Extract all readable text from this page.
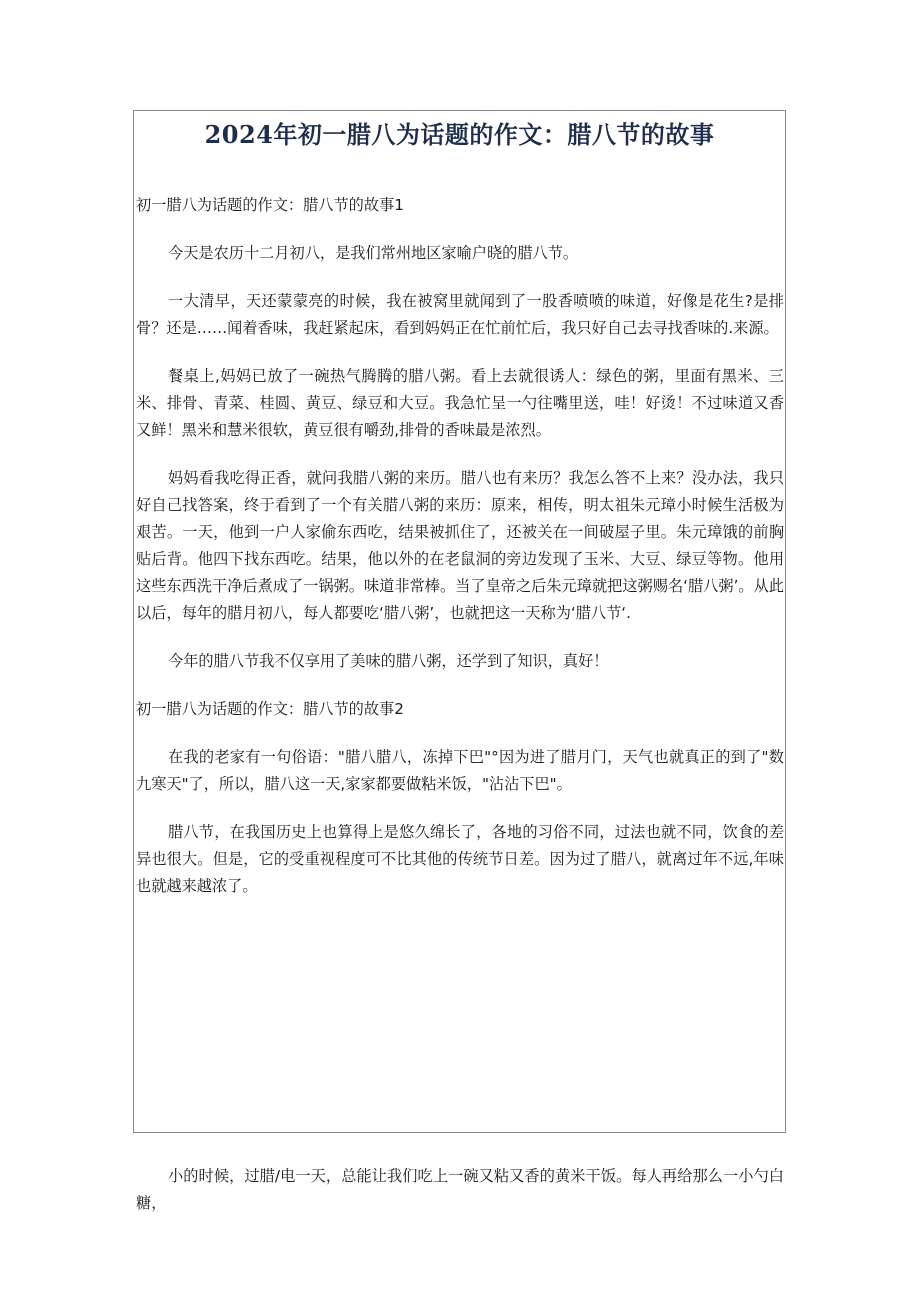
2024年初一腊八为话题的作文：腊八节的故事

初一腊八为话题的作文：腊八节的故事1

今天是农历十二月初八，是我们常州地区家喻户晓的腊八节。

一大清早，天还蒙蒙亮的时候，我在被窝里就闻到了一股香喷喷的味道，好像是花生?是排骨？还是……闻着香味，我赶紧起床，看到妈妈正在忙前忙后，我只好自己去寻找香味的.来源。

餐桌上,妈妈已放了一碗热气腾腾的腊八粥。看上去就很诱人：绿色的粥，里面有黑米、三米、排骨、青菜、桂圆、黄豆、绿豆和大豆。我急忙呈一勺往嘴里送，哇！好烫！不过味道又香又鲜！黑米和慧米很软，黄豆很有嚼劲,排骨的香味最是浓烈。

妈妈看我吃得正香，就问我腊八粥的来历。腊八也有来历？我怎么答不上来？没办法，我只好自己找答案，终于看到了一个有关腊八粥的来历：原来，相传，明太祖朱元璋小时候生活极为艰苦。一天，他到一户人家偷东西吃，结果被抓住了，还被关在一间破屋子里。朱元璋饿的前胸贴后背。他四下找东西吃。结果，他以外的在老鼠洞的旁边发现了玉米、大豆、绿豆等物。他用这些东西洗干净后煮成了一锅粥。味道非常棒。当了皇帝之后朱元璋就把这粥赐名‘腊八粥’。从此以后，每年的腊月初八，每人都要吃‘腊八粥’，也就把这一天称为‘腊八节‘.

今年的腊八节我不仅享用了美味的腊八粥，还学到了知识，真好！

初一腊八为话题的作文：腊八节的故事2

在我的老家有一句俗语："腊八腊八，冻掉下巴"°因为进了腊月门，天气也就真正的到了"数九寒天"了，所以，腊八这一天,家家都要做粘米饭，"沾沾下巴"。

腊八节，在我国历史上也算得上是悠久绵长了，各地的习俗不同，过法也就不同，饮食的差异也很大。但是，它的受重视程度可不比其他的传统节日差。因为过了腊八，就离过年不远,年味也就越来越浓了。

小的时候，过腊/电一天，总能让我们吃上一碗又粘又香的黄米干饭。每人再给那么一小勺白糖，
